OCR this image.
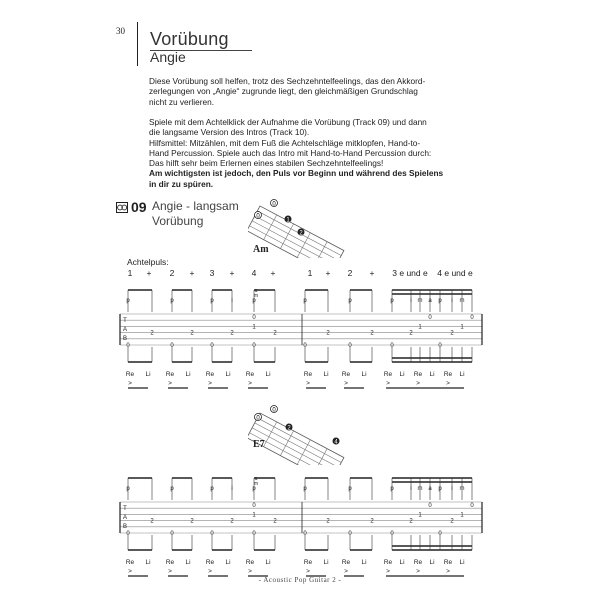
30 Vorübung
Angie

Diese Vorübung soll helfen, trotz des Sechzehntelfeelings, das den Akkord-

zerlegungen von „Angie“ zugrunde liegt, den gleichmäßigen Grundschlag

nicht zu verlieren.

Spiele mit dem Achtelklick der Aufnahme die Vorübung (Track 09) und dann

die langsame Version des Intros (Track 10).

Hilfsmittel: Mitzählen, mit dem Fuß die Achtelschläge mitklopfen, Hand-to-

Hand Percussion. Spiele auch das Intro mit Hand-to-Hand Percussion durch:

Das hilft sehr beim Erlernen eines stabilen Sechzehntelfeelings!

Am wichtigsten ist jedoch, den Puls vor Beginn und während des Spielens

in dir zu spüren.

09 Angie - langsam
Vorübung	0
0
1
2
Am
0
0
2
4
E7
Achtelpuls:
T
A
B
1 + 2 + 3 + 4 +	1 + 2 + 3 e und e 4 e und e
p	p	p	p	p	p	p	p
i	i	i
a
m
m	m
a
0	0	0	0	0	0	0	0
2	2	2	2	2	2	2	2
1	1	1
0	0	0
Re Li Re Li Re Li Re Li	Re Li Re Li	Re Li Re Li Re Li
>	>	>	>	>	>	>	>	>
T
A
B
p	p	p	p	p	p	p	p
i	i	i
a
m
m	m
a
0	0	0	0	0	0	0	0
2	2	2	2	2	2	2	2
1	1	1
0	0	0
Re Li Re Li Re Li Re Li	Re Li Re Li	Re Li Re Li Re Li
>	>	>	>	>	>	>	>	>
- Acoustic Pop Guitar 2 -
